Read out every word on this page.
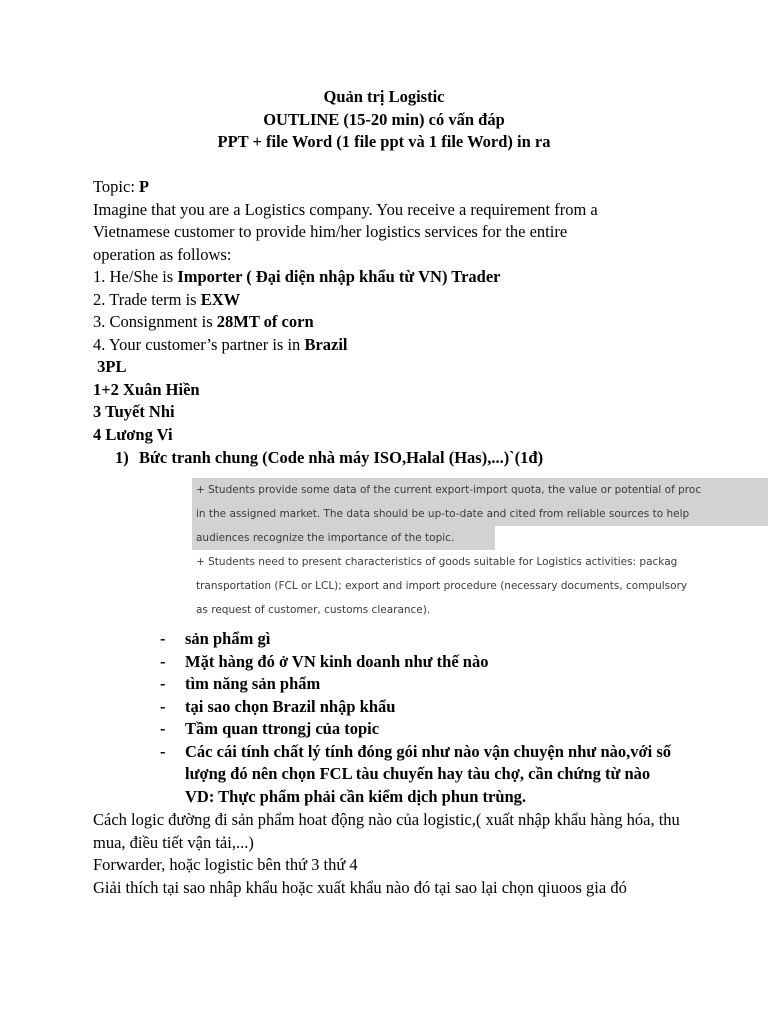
Quản trị Logistic
OUTLINE (15-20 min) có vấn đáp
PPT + file Word (1 file ppt và 1 file Word) in ra
Topic: P
Imagine that you are a Logistics company. You receive a requirement from a
Vietnamese customer to provide him/her logistics services for the entire
operation as follows:
1. He/She is Importer ( Đại diện nhập khẩu từ VN) Trader
2. Trade term is EXW
3. Consignment is 28MT of corn
4. Your customer’s partner is in Brazil
3PL
1+2 Xuân Hiền
3 Tuyết Nhi
4 Lương Vi
1) Bức tranh chung (Code nhà máy ISO,Halal (Has),...)`(1đ)
+ Students provide some data of the current export-import quota, the value or potential of proc
in the assigned market. The data should be up-to-date and cited from reliable sources to help
audiences recognize the importance of the topic.
+ Students need to present characteristics of goods suitable for Logistics activities: packag
transportation (FCL or LCL); export and import procedure (necessary documents, compulsory
as request of customer, customs clearance).
-	sản phẩm gì
-	Mặt hàng đó ở VN kinh doanh như thế nào
-	tìm năng sản phẩm
-	tại sao chọn Brazil nhập khẩu
-	Tầm quan ttrongj của topic
-	Các cái tính chất lý tính đóng gói như nào vận chuyện như nào,với số lượng đó nên chọn FCL tàu chuyến hay tàu chợ, cần chứng từ nào VD: Thực phẩm phải cần kiểm dịch phun trùng.
Cách logic đường đi sản phẩm hoat động nào của logistic,( xuất nhập khẩu hàng hóa, thu mua, điều tiết vận tải,...)
Forwarder, hoặc logistic bên thứ 3 thứ 4
Giải thích tại sao nhâp khẩu hoặc xuất khẩu nào đó tại sao lại chọn qiuoos gia đó
